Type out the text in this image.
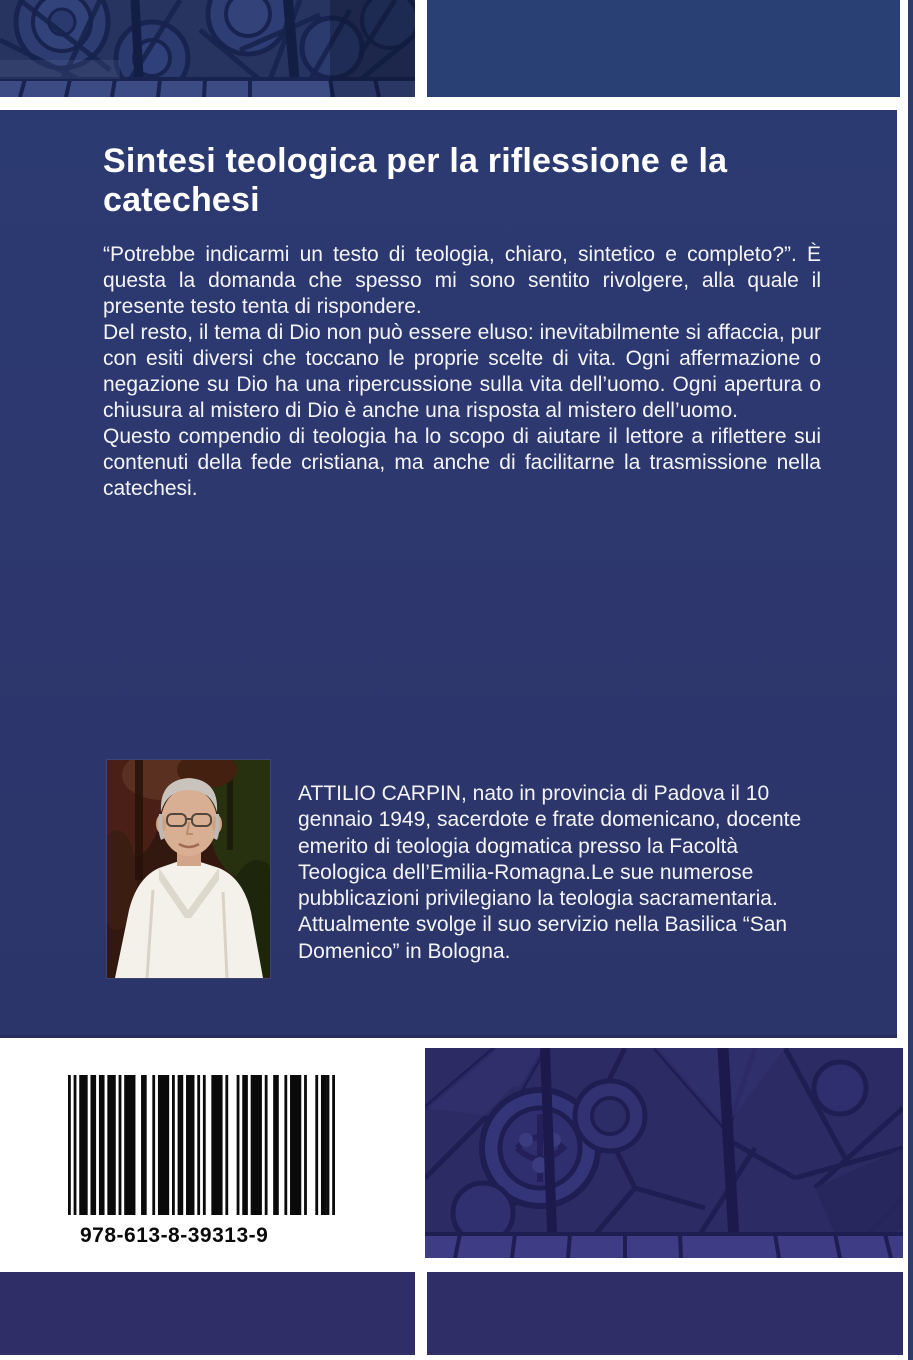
Sintesi teologica per la riflessione e la catechesi

“Potrebbe indicarmi un testo di teologia, chiaro, sintetico e completo?”. È questa la domanda che spesso mi sono sentito rivolgere, alla quale il presente testo tenta di rispondere.

Del resto, il tema di Dio non può essere eluso: inevitabilmente si affaccia, pur con esiti diversi che toccano le proprie scelte di vita. Ogni affermazione o negazione su Dio ha una ripercussione sulla vita dell’uomo. Ogni apertura o chiusura al mistero di Dio è anche una risposta al mistero dell’uomo.

Questo compendio di teologia ha lo scopo di aiutare il lettore a riflettere sui contenuti della fede cristiana, ma anche di facilitarne la trasmissione nella catechesi.

ATTILIO CARPIN, nato in provincia di Padova il 10 gennaio 1949, sacerdote e frate domenicano, docente emerito di teologia dogmatica presso la Facoltà Teologica dell’Emilia-Romagna.Le sue numerose pubblicazioni privilegiano la teologia sacramentaria. Attualmente svolge il suo servizio nella Basilica “San Domenico” in Bologna.

978-613-8-39313-9
